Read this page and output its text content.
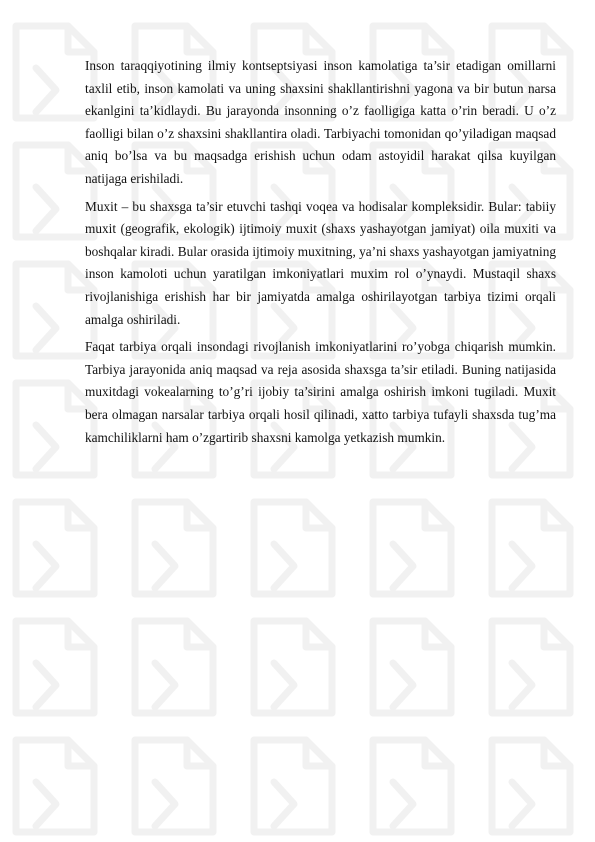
Inson taraqqiyotining ilmiy kontseptsiyasi inson kamolatiga ta’sir etadigan omillarni taxlil etib, inson kamolati va uning shaxsini shakllantirishni yagona va bir butun narsa ekanlgini ta’kidlaydi. Bu jarayonda insonning o’z faolligiga katta o’rin beradi. U o’z faolligi bilan o’z shaxsini shakllantira oladi. Tarbiyachi tomonidan qo’yiladigan maqsad aniq bo’lsa va bu maqsadga erishish uchun odam astoyidil harakat qilsa kuyilgan natijaga erishiladi.

Muxit – bu shaxsga ta’sir etuvchi tashqi voqea va hodisalar kompleksidir. Bular: tabiiy muxit (geografik, ekologik) ijtimoiy muxit (shaxs yashayotgan jamiyat) oila muxiti va boshqalar kiradi. Bular orasida ijtimoiy muxitning, ya’ni shaxs yashayotgan jamiyatning inson kamoloti uchun yaratilgan imkoniyatlari muxim rol o’ynaydi. Mustaqil shaxs rivojlanishiga erishish har bir jamiyatda amalga oshirilayotgan tarbiya tizimi orqali amalga oshiriladi.

Faqat tarbiya orqali insondagi rivojlanish imkoniyatlarini ro’yobga chiqarish mumkin. Tarbiya jarayonida aniq maqsad va reja asosida shaxsga ta’sir etiladi. Buning natijasida muxitdagi vokealarning to’g’ri ijobiy ta’sirini amalga oshirish imkoni tugiladi. Muxit bera olmagan narsalar tarbiya orqali hosil qilinadi, xatto tarbiya tufayli shaxsda tug’ma kamchiliklarni ham o’zgartirib shaxsni kamolga yetkazish mumkin.
